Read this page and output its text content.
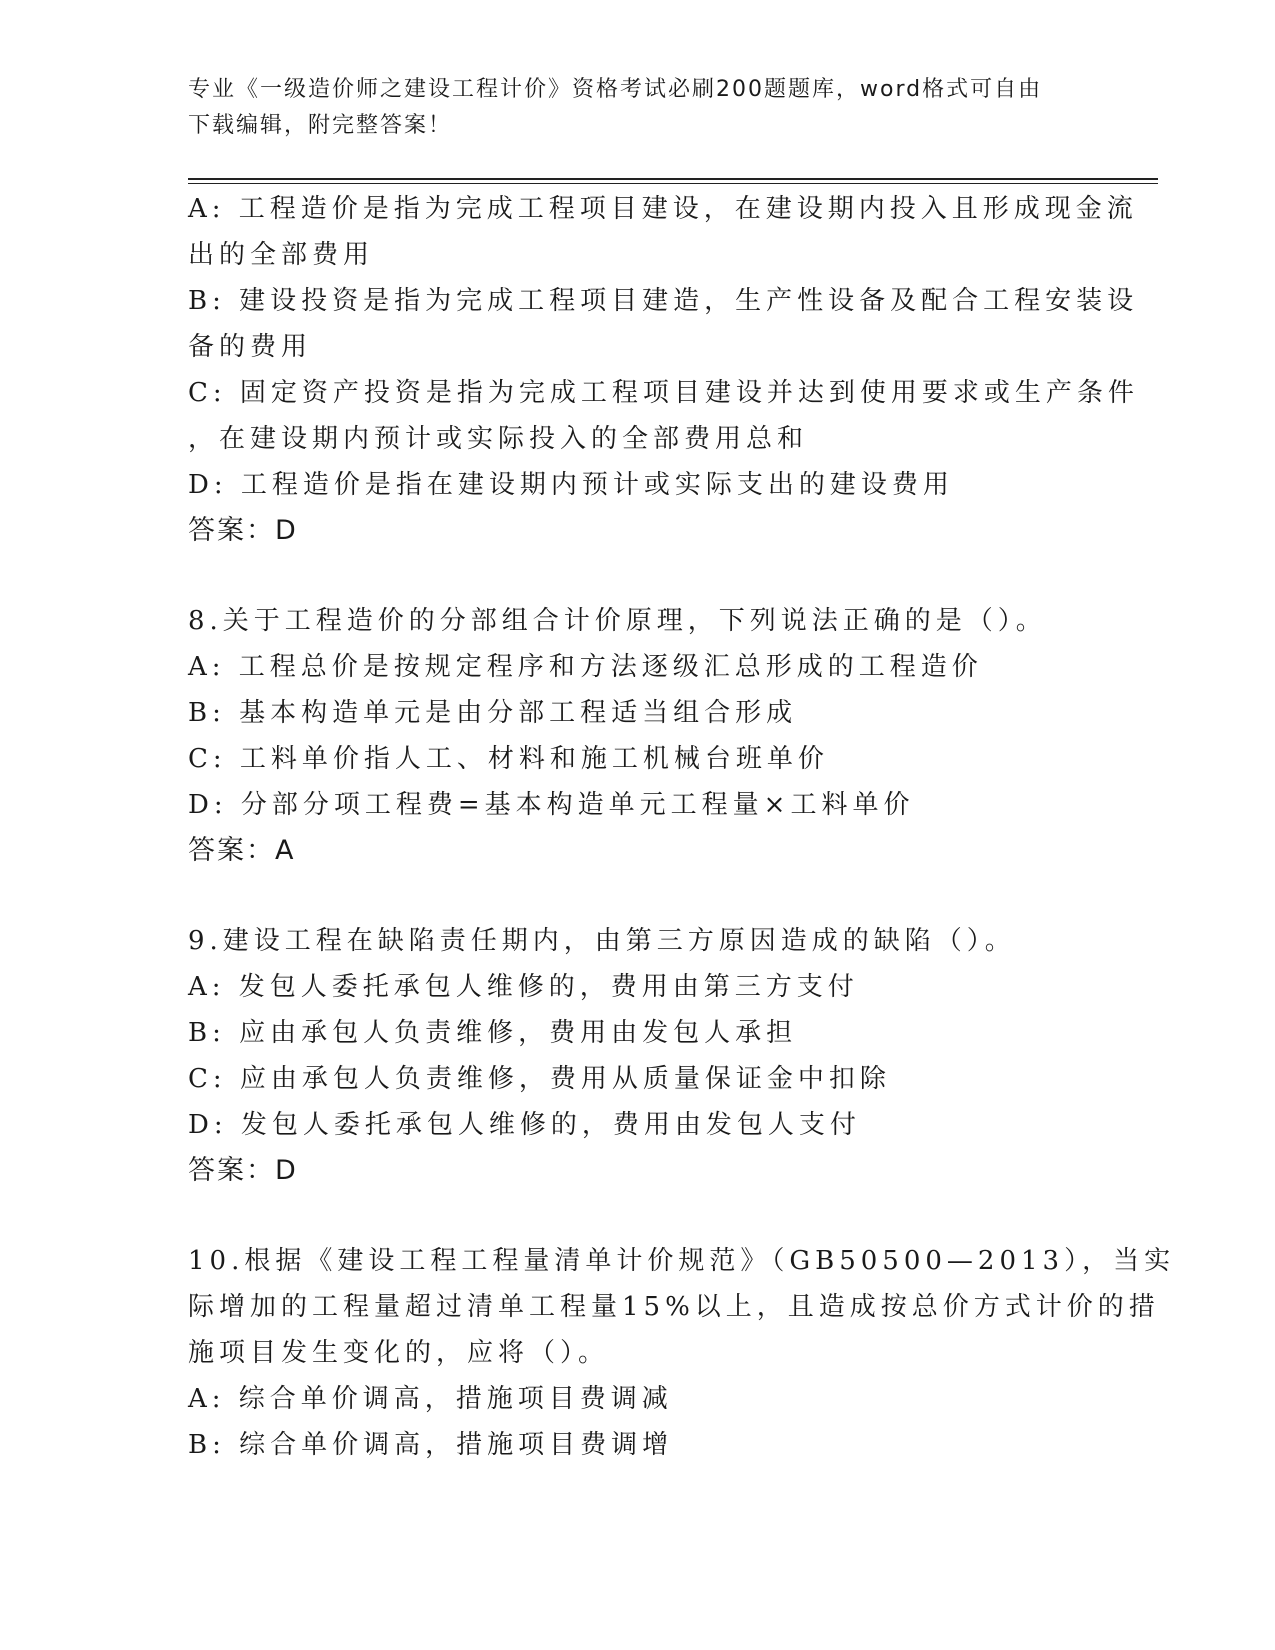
专业《一级造价师之建设工程计价》资格考试必刷200题题库，word格式可自由
下载编辑，附完整答案！
A: 工程造价是指为完成工程项目建设，在建设期内投入且形成现金流
出的全部费用
B: 建设投资是指为完成工程项目建造，生产性设备及配合工程安装设
备的费用
C: 固定资产投资是指为完成工程项目建设并达到使用要求或生产条件
，在建设期内预计或实际投入的全部费用总和
D: 工程造价是指在建设期内预计或实际支出的建设费用
答案：D
8.关于工程造价的分部组合计价原理，下列说法正确的是（）。
A: 工程总价是按规定程序和方法逐级汇总形成的工程造价
B: 基本构造单元是由分部工程适当组合形成
C: 工料单价指人工、材料和施工机械台班单价
D: 分部分项工程费=基本构造单元工程量×工料单价
答案：A
9.建设工程在缺陷责任期内，由第三方原因造成的缺陷（）。
A: 发包人委托承包人维修的，费用由第三方支付
B: 应由承包人负责维修，费用由发包人承担
C: 应由承包人负责维修，费用从质量保证金中扣除
D: 发包人委托承包人维修的，费用由发包人支付
答案：D
10.根据《建设工程工程量清单计价规范》（GB50500—2013），当实
际增加的工程量超过清单工程量15%以上，且造成按总价方式计价的措
施项目发生变化的，应将（）。
A: 综合单价调高，措施项目费调减
B: 综合单价调高，措施项目费调增
